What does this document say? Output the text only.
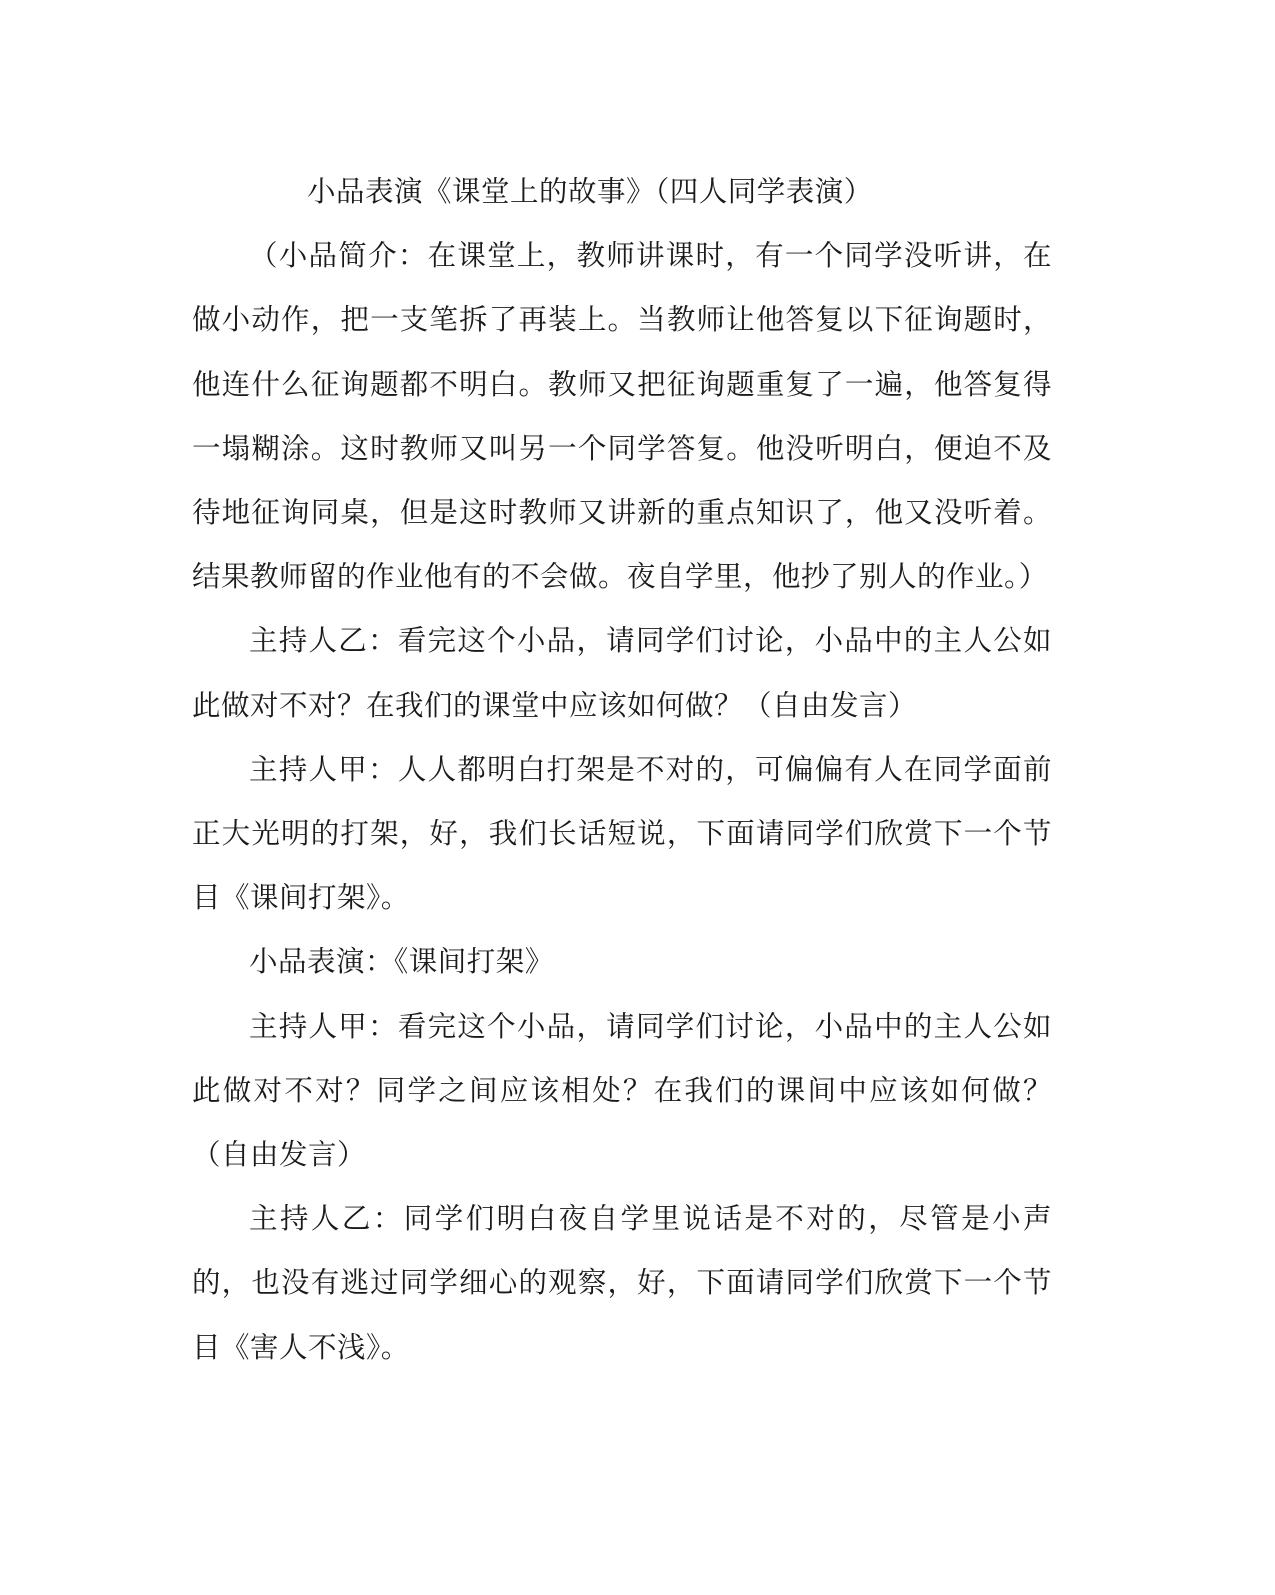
小品表演《课堂上的故事》（四人同学表演）

（小品简介：在课堂上，教师讲课时，有一个同学没听讲，在做小动作，把一支笔拆了再装上。当教师让他答复以下征询题时，他连什么征询题都不明白。教师又把征询题重复了一遍，他答复得一塌糊涂。这时教师又叫另一个同学答复。他没听明白，便迫不及待地征询同桌，但是这时教师又讲新的重点知识了，他又没听着。结果教师留的作业他有的不会做。夜自学里，他抄了别人的作业。）

主持人乙：看完这个小品，请同学们讨论，小品中的主人公如此做对不对？在我们的课堂中应该如何做？（自由发言）

主持人甲：人人都明白打架是不对的，可偏偏有人在同学面前正大光明的打架，好，我们长话短说，下面请同学们欣赏下一个节目《课间打架》。

小品表演：《课间打架》

主持人甲：看完这个小品，请同学们讨论，小品中的主人公如此做对不对？同学之间应该相处？在我们的课间中应该如何做？（自由发言）

主持人乙：同学们明白夜自学里说话是不对的，尽管是小声的，也没有逃过同学细心的观察，好，下面请同学们欣赏下一个节目《害人不浅》。
